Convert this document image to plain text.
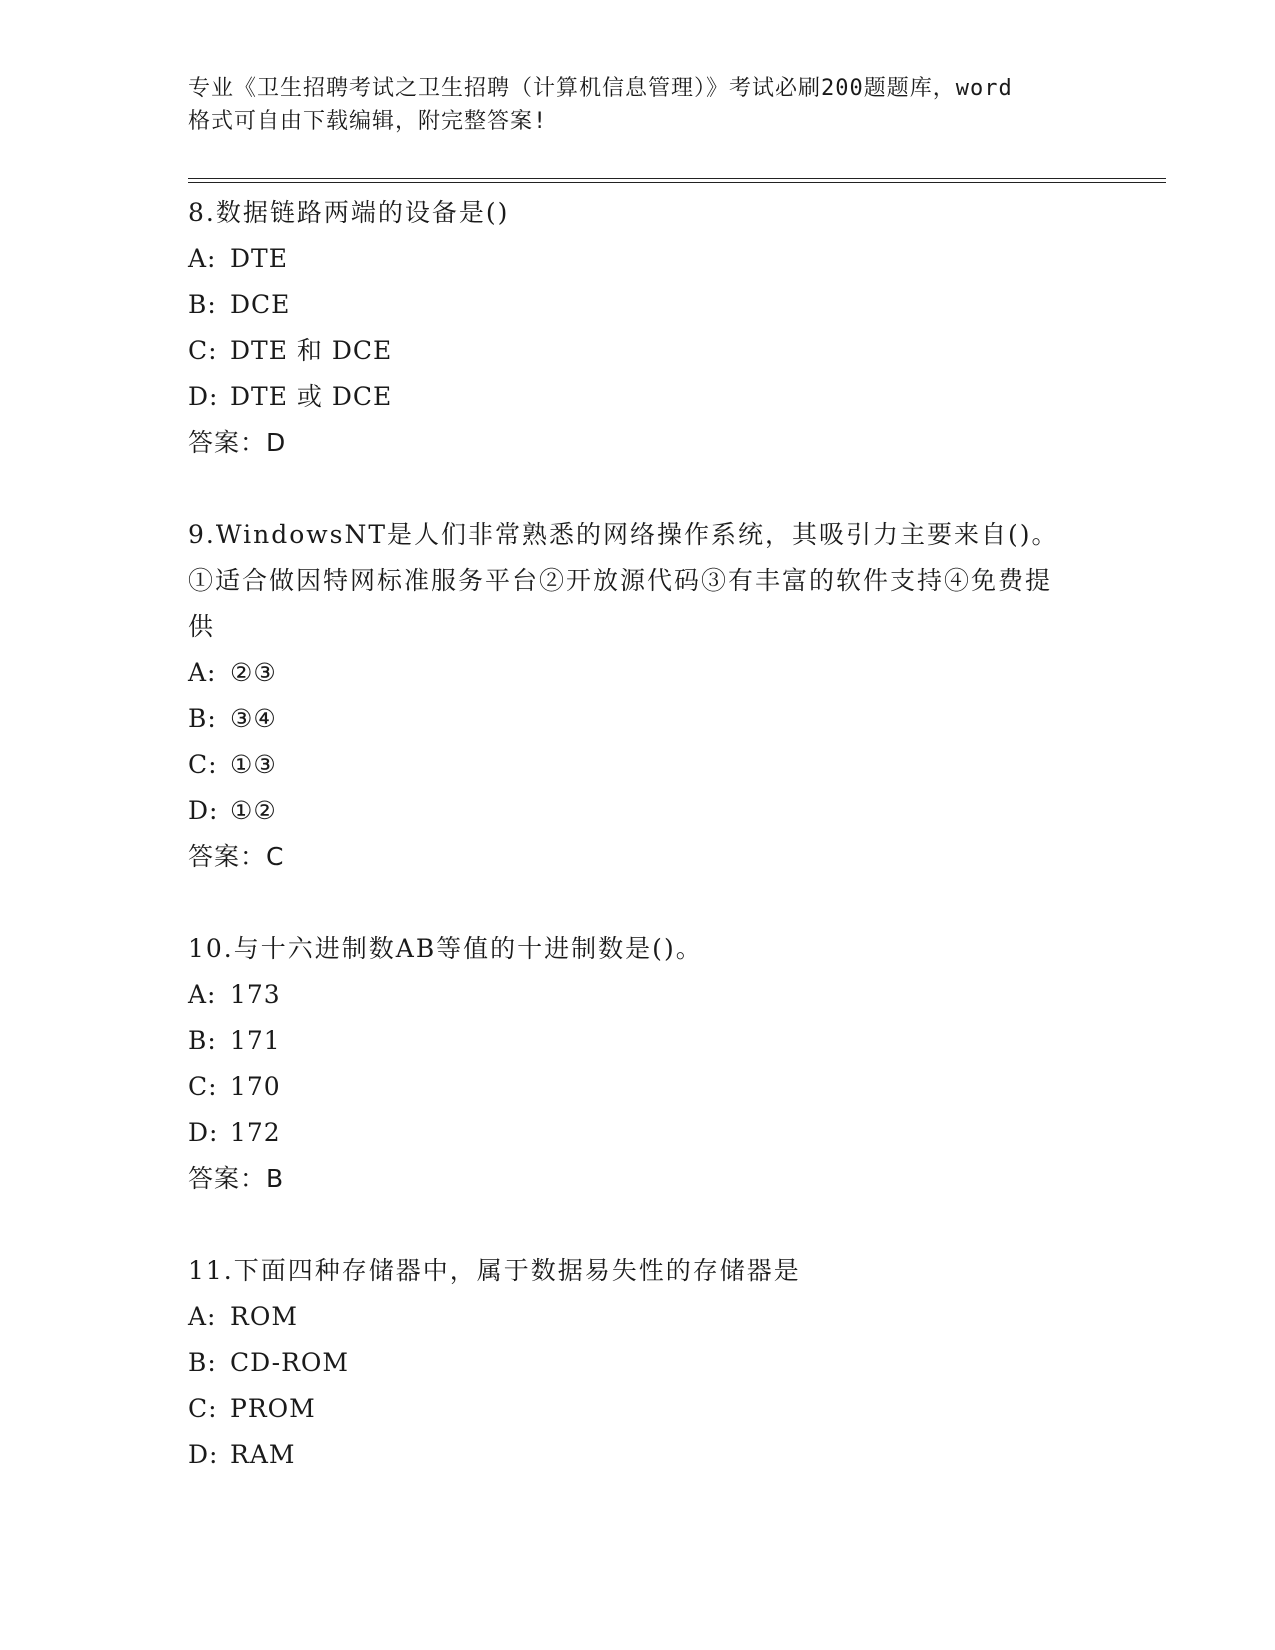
专业《卫生招聘考试之卫生招聘（计算机信息管理）》考试必刷200题题库，word
格式可自由下载编辑，附完整答案!
8.数据链路两端的设备是()
A: DTE
B: DCE
C: DTE 和 DCE
D: DTE 或 DCE
答案：D
9.WindowsNT是人们非常熟悉的网络操作系统，其吸引力主要来自()。①适合做因特网标准服务平台②开放源代码③有丰富的软件支持④免费提供
A: ②③
B: ③④
C: ①③
D: ①②
答案：C
10.与十六进制数AB等值的十进制数是()。
A: 173
B: 171
C: 170
D: 172
答案：B
11.下面四种存储器中，属于数据易失性的存储器是
A: ROM
B: CD-ROM
C: PROM
D: RAM
